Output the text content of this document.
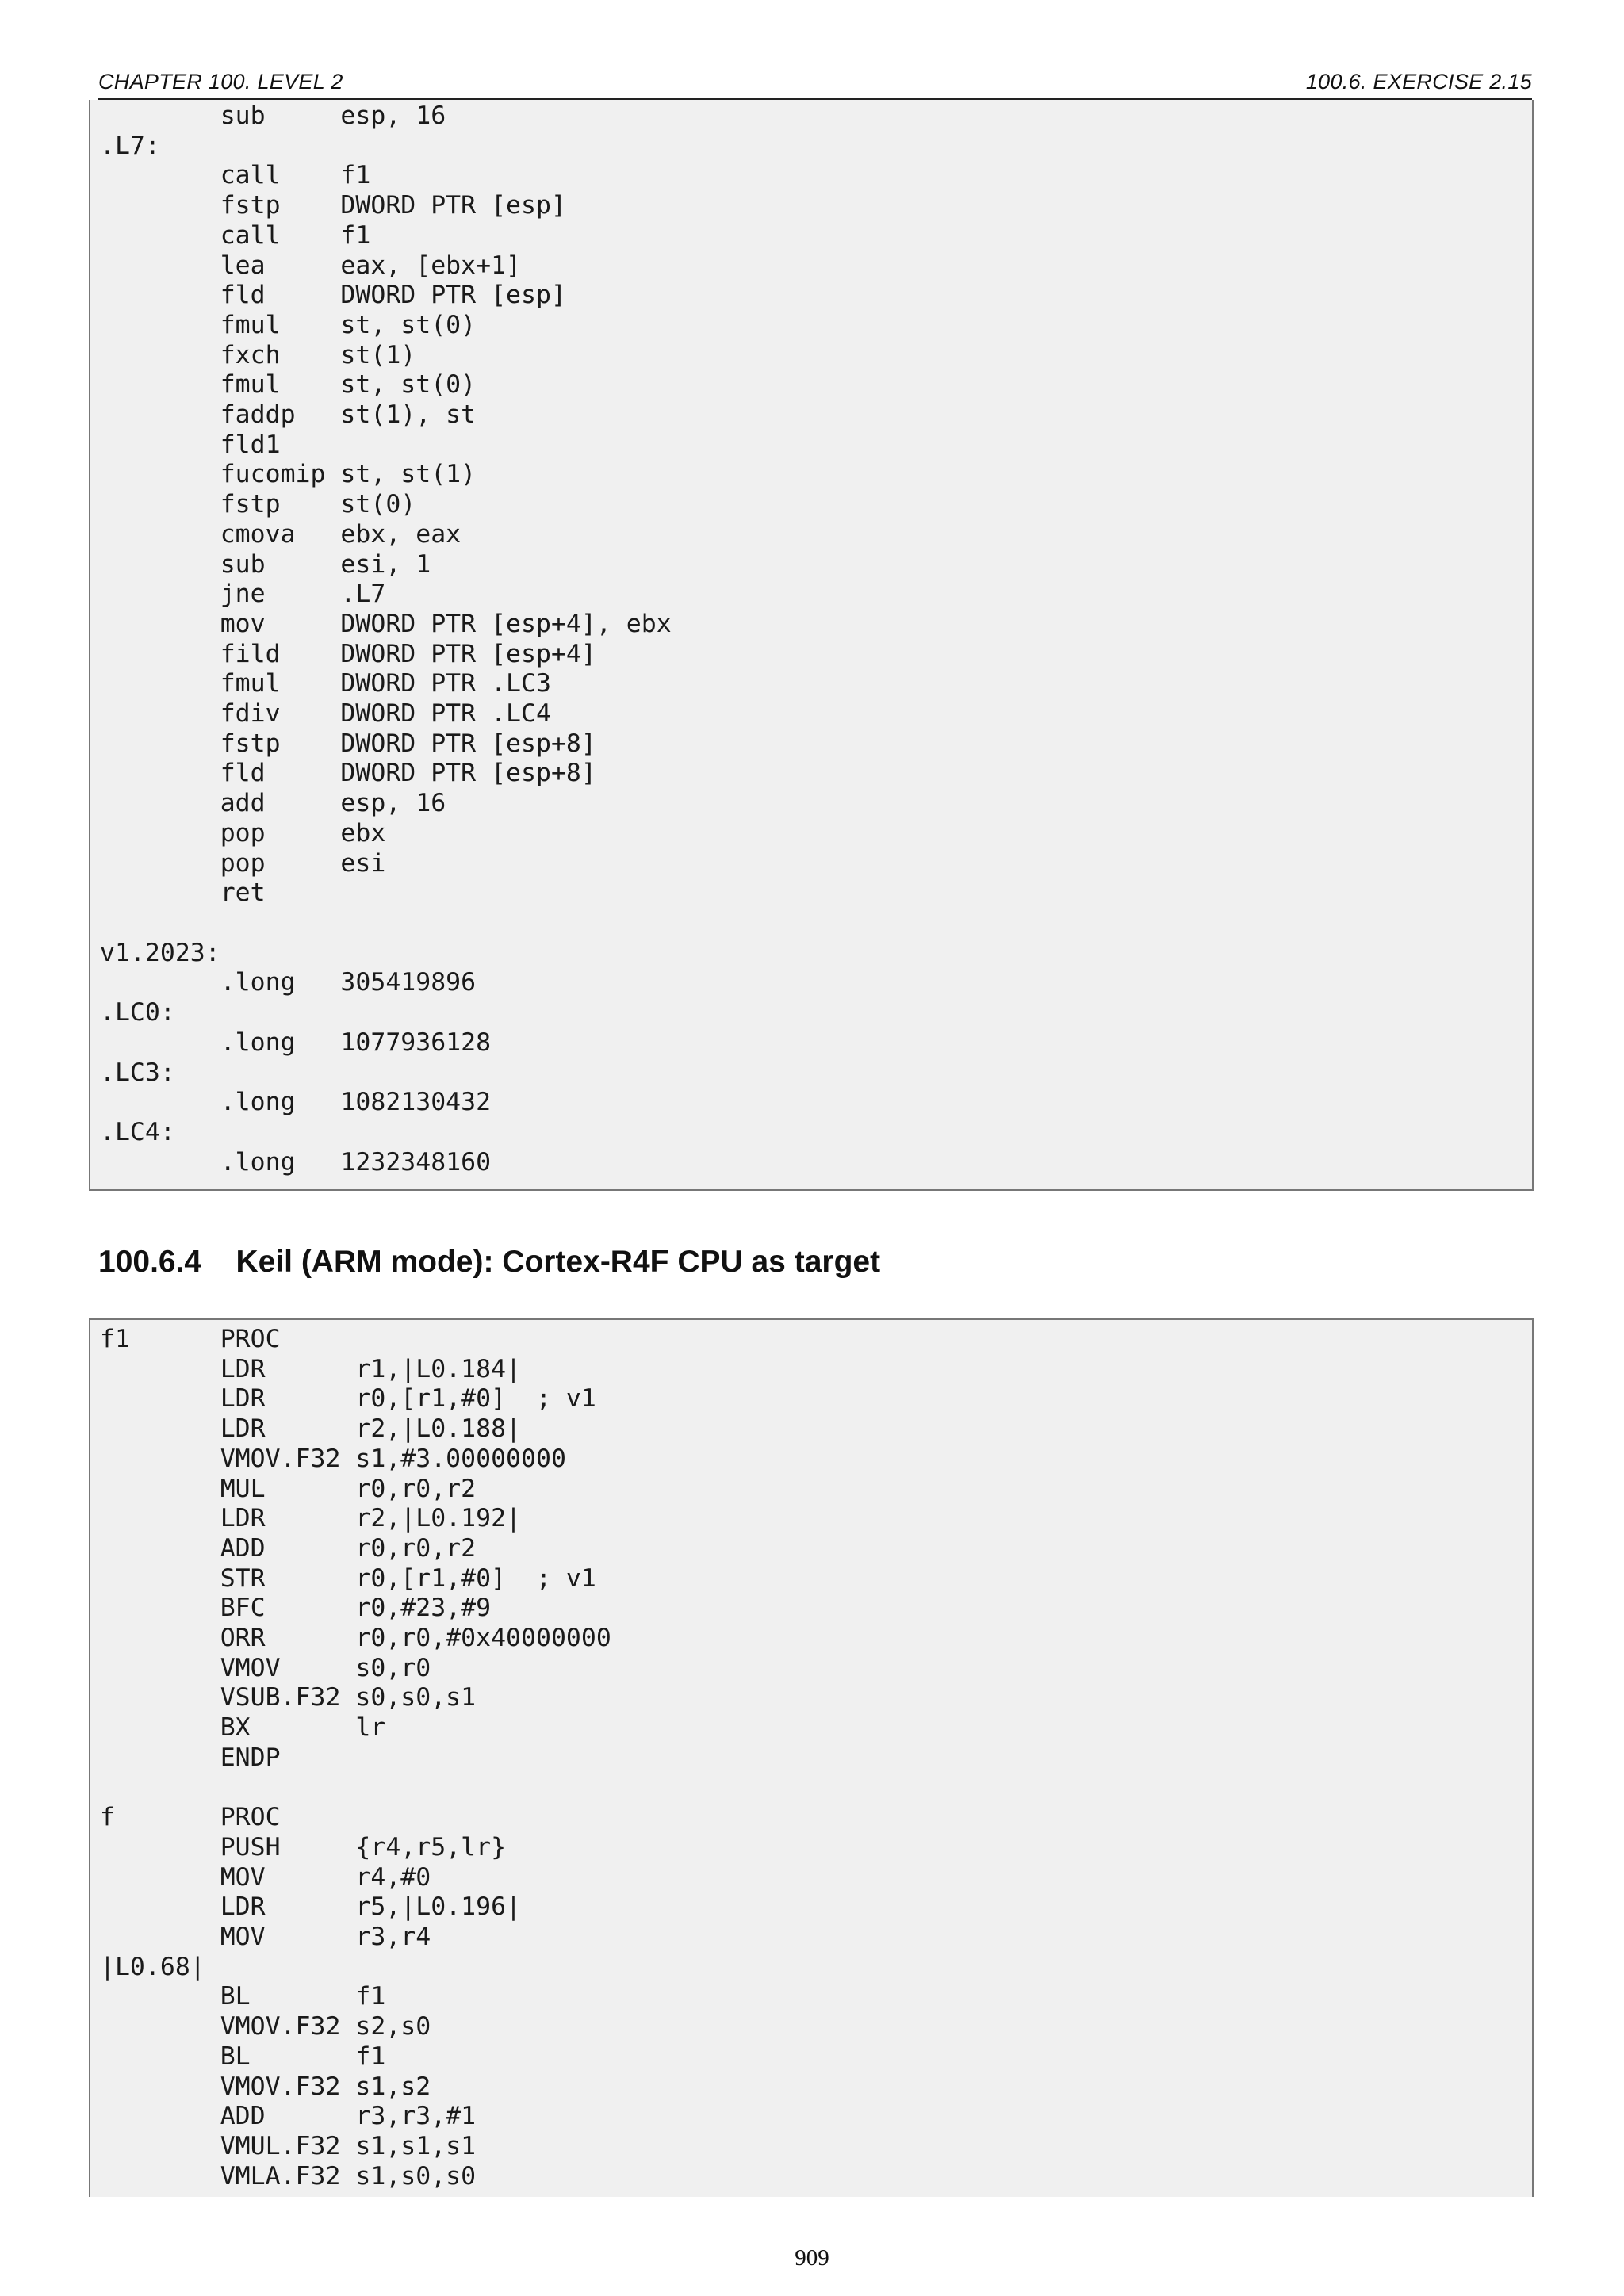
CHAPTER 100. LEVEL 2	100.6. EXERCISE 2.15
sub     esp, 16
.L7:
call    f1
fstp    DWORD PTR [esp]
call    f1
lea     eax, [ebx+1]
fld     DWORD PTR [esp]
fmul    st, st(0)
fxch    st(1)
fmul    st, st(0)
faddp   st(1), st
fld1
fucomip st, st(1)
fstp    st(0)
cmova   ebx, eax
sub     esi, 1
jne     .L7
mov     DWORD PTR [esp+4], ebx
fild    DWORD PTR [esp+4]
fmul    DWORD PTR .LC3
fdiv    DWORD PTR .LC4
fstp    DWORD PTR [esp+8]
fld     DWORD PTR [esp+8]
add     esp, 16
pop     ebx
pop     esi
ret

v1.2023:
.long   305419896
.LC0:
.long   1077936128
.LC3:
.long   1082130432
.LC4:
.long   1232348160
100.6.4    Keil (ARM mode): Cortex-R4F CPU as target
f1      PROC
LDR      r1,|L0.184|
LDR      r0,[r1,#0]  ; v1
LDR      r2,|L0.188|
VMOV.F32 s1,#3.00000000
MUL      r0,r0,r2
LDR      r2,|L0.192|
ADD      r0,r0,r2
STR      r0,[r1,#0]  ; v1
BFC      r0,#23,#9
ORR      r0,r0,#0x40000000
VMOV     s0,r0
VSUB.F32 s0,s0,s1
BX       lr
ENDP

f       PROC
PUSH     {r4,r5,lr}
MOV      r4,#0
LDR      r5,|L0.196|
MOV      r3,r4
|L0.68|
BL       f1
VMOV.F32 s2,s0
BL       f1
VMOV.F32 s1,s2
ADD      r3,r3,#1
VMUL.F32 s1,s1,s1
VMLA.F32 s1,s0,s0
909
